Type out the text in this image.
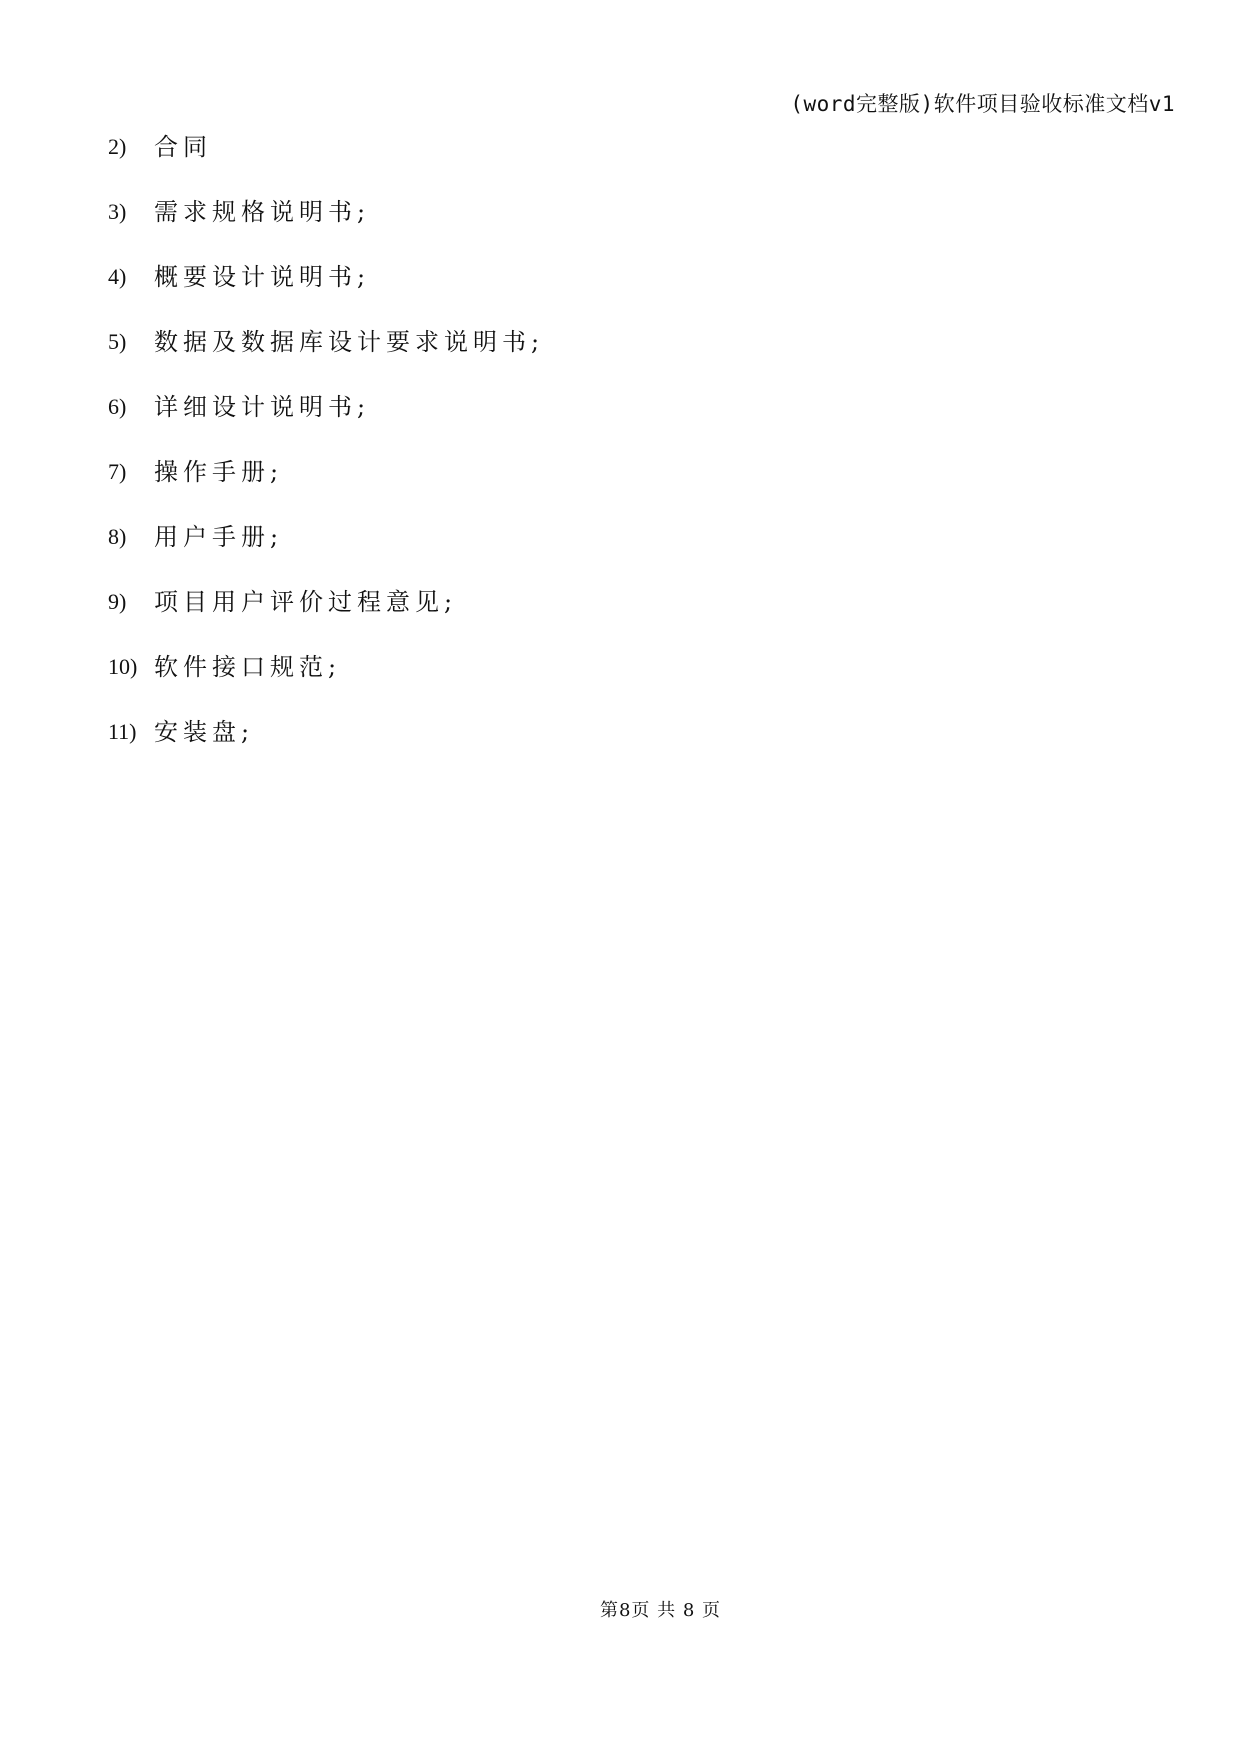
(word完整版)软件项目验收标准文档v1
2)	合同
3)	需求规格说明书;
4)	概要设计说明书;
5)	数据及数据库设计要求说明书;
6)	详细设计说明书;
7)	操作手册;
8)	用户手册;
9)	项目用户评价过程意见;
10) 软件接口规范;
11) 安装盘;
第8页 共 8 页
